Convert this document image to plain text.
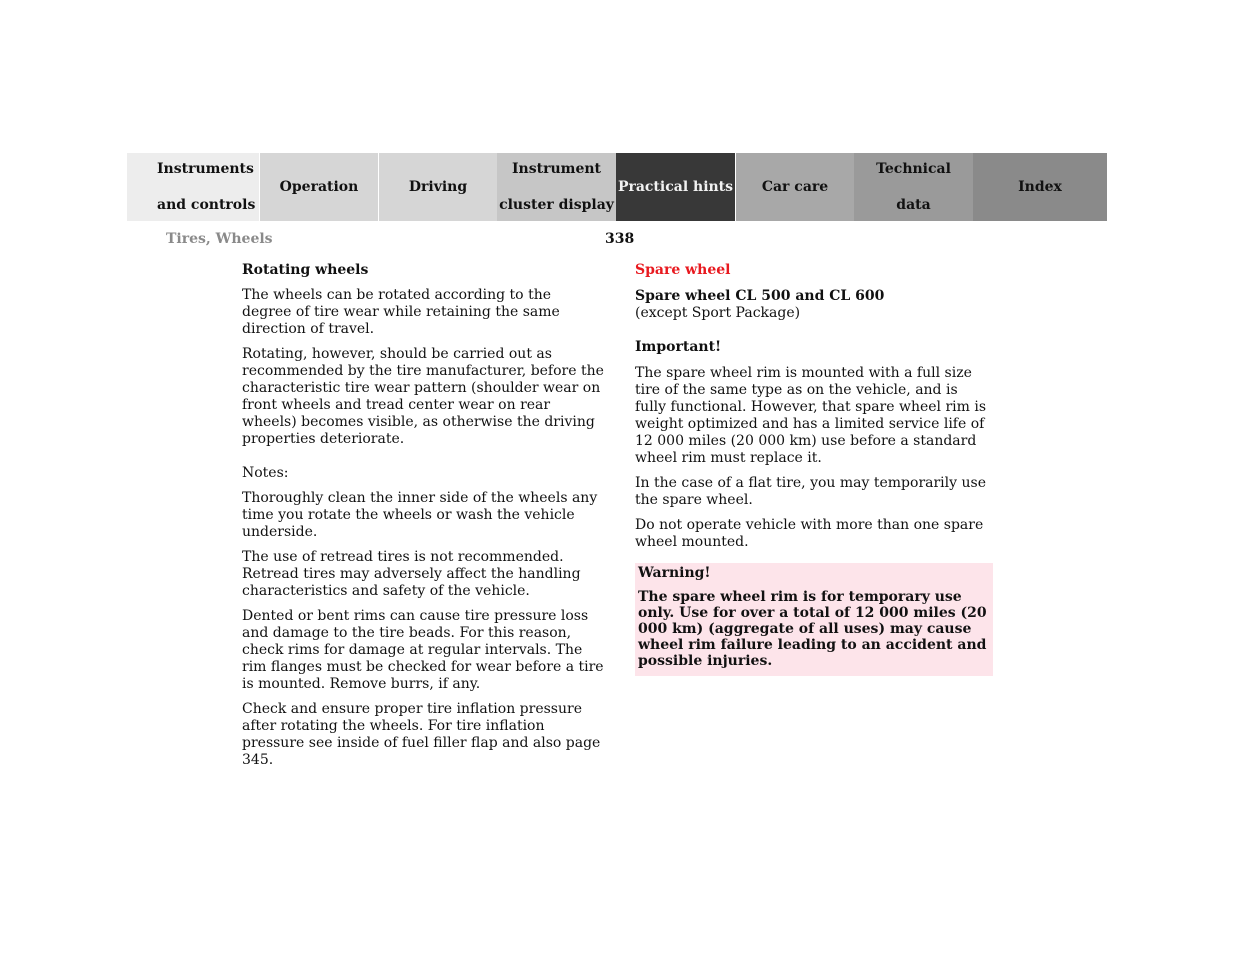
Instruments

and controls

Operation	Driving

Instrument

cluster display

Practical hints Car care

Technical

data

Index
Tires, Wheels	338

Rotating wheels

The wheels can be rotated according to the degree of tire wear while retaining the same direction of travel.

Rotating, however, should be carried out as recommended by the tire manufacturer, before the characteristic tire wear pattern (shoulder wear on front wheels and tread center wear on rear wheels) becomes visible, as otherwise the driving properties deteriorate.

Notes:

Thoroughly clean the inner side of the wheels any time you rotate the wheels or wash the vehicle underside.

The use of retread tires is not recommended. Retread tires may adversely affect the handling characteristics and safety of the vehicle.

Dented or bent rims can cause tire pressure loss and damage to the tire beads. For this reason, check rims for damage at regular intervals. The rim flanges must be checked for wear before a tire is mounted. Remove burrs, if any.

Check and ensure proper tire inflation pressure after rotating the wheels. For tire inflation pressure see inside of fuel filler flap and also page 345.

Spare wheel

Spare wheel CL 500 and CL 600

(except Sport Package)

Important!

The spare wheel rim is mounted with a full size tire of the same type as on the vehicle, and is fully functional. However, that spare wheel rim is weight optimized and has a limited service life of 12 000 miles (20 000 km) use before a standard wheel rim must replace it.

In the case of a flat tire, you may temporarily use the spare wheel.

Do not operate vehicle with more than one spare wheel mounted.

Warning!

The spare wheel rim is for temporary use only. Use for over a total of 12 000 miles (20 000 km) (aggregate of all uses) may cause wheel rim failure leading to an accident and possible injuries.
